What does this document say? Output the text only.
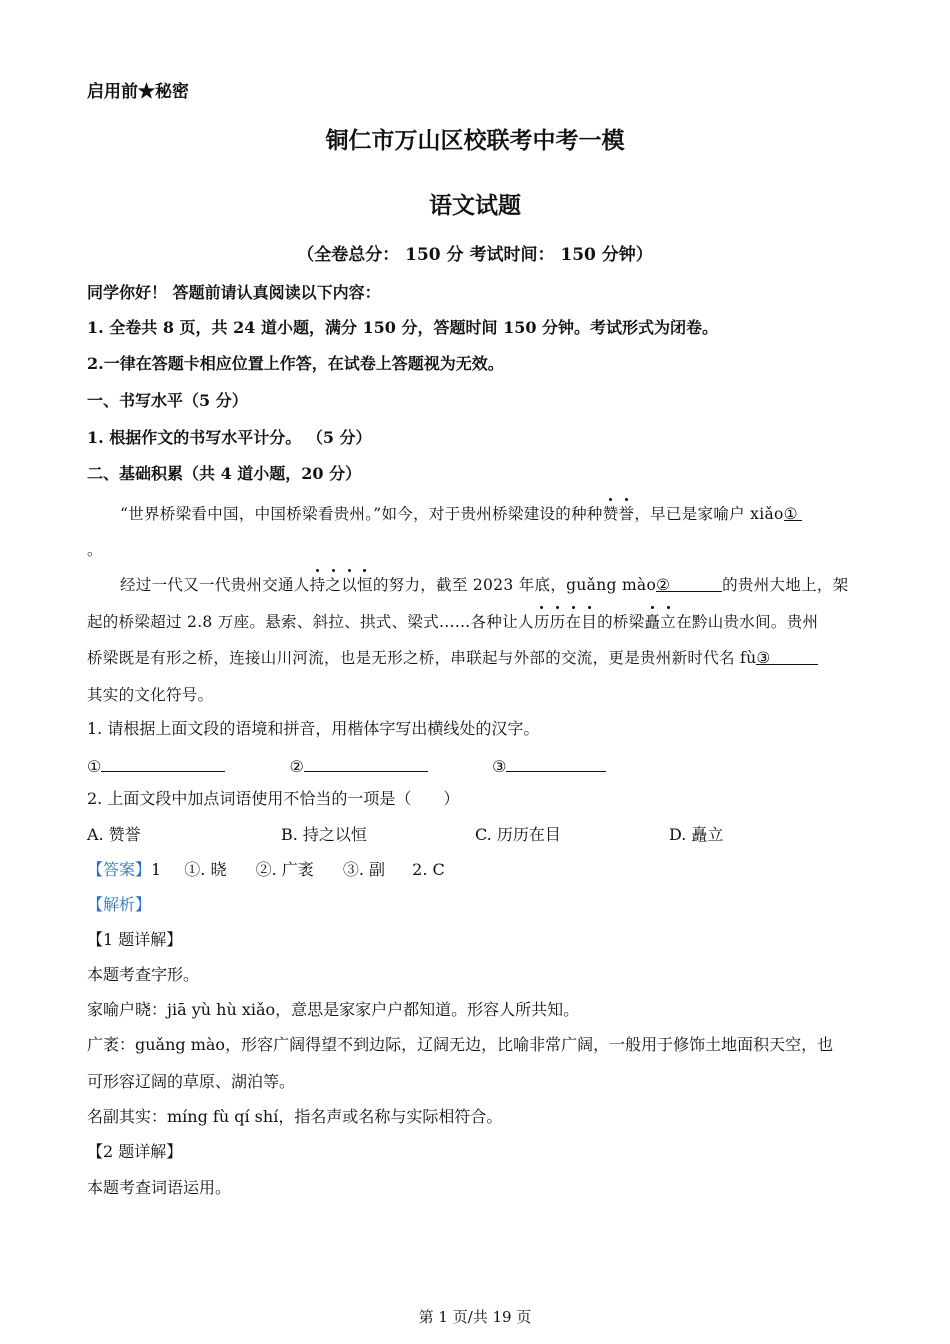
启用前★秘密
铜仁市万山区校联考中考一模
语文试题
（全卷总分： 150 分 考试时间： 150 分钟）
同学你好！ 答题前请认真阅读以下内容：
1. 全卷共 8 页，共 24 道小题，满分 150 分，答题时间 150 分钟。考试形式为闭卷。
2.一律在答题卡相应位置上作答，在试卷上答题视为无效。
一、书写水平（5 分）
1. 根据作文的书写水平计分。 （5 分）
二、基础积累（共 4 道小题，20 分）
“世界桥梁看中国，中国桥梁看贵州。”如今，对于贵州桥梁建设的种种赞誉，早已是家喻户 xiǎo①
。
经过一代又一代贵州交通人持之以恒的努力，截至 2023 年底，guǎng mào②	的贵州大地上，架
起的桥梁超过 2.8 万座。悬索、斜拉、拱式、梁式……各种让人历历在目的桥梁矗立在黔山贵水间。贵州
桥梁既是有形之桥，连接山川河流，也是无形之桥，串联起与外部的交流，更是贵州新时代名 fù③
其实的文化符号。
1. 请根据上面文段的语境和拼音，用楷体字写出横线处的汉字。
①	②	③
2. 上面文段中加点词语使用不恰当的一项是（　　）
A. 赞誉	B. 持之以恒	C. 历历在目	D. 矗立
【答案】1 ①. 晓 ②. 广袤 ③. 副 2. C
【解析】
【1 题详解】
本题考查字形。
家喻户晓：jiā yù hù xiǎo，意思是家家户户都知道。形容人所共知。
广袤：guǎng mào，形容广阔得望不到边际，辽阔无边，比喻非常广阔，一般用于修饰土地面积天空，也
可形容辽阔的草原、湖泊等。
名副其实：míng fù qí shí，指名声或名称与实际相符合。
【2 题详解】
本题考查词语运用。
第 1 页/共 19 页
